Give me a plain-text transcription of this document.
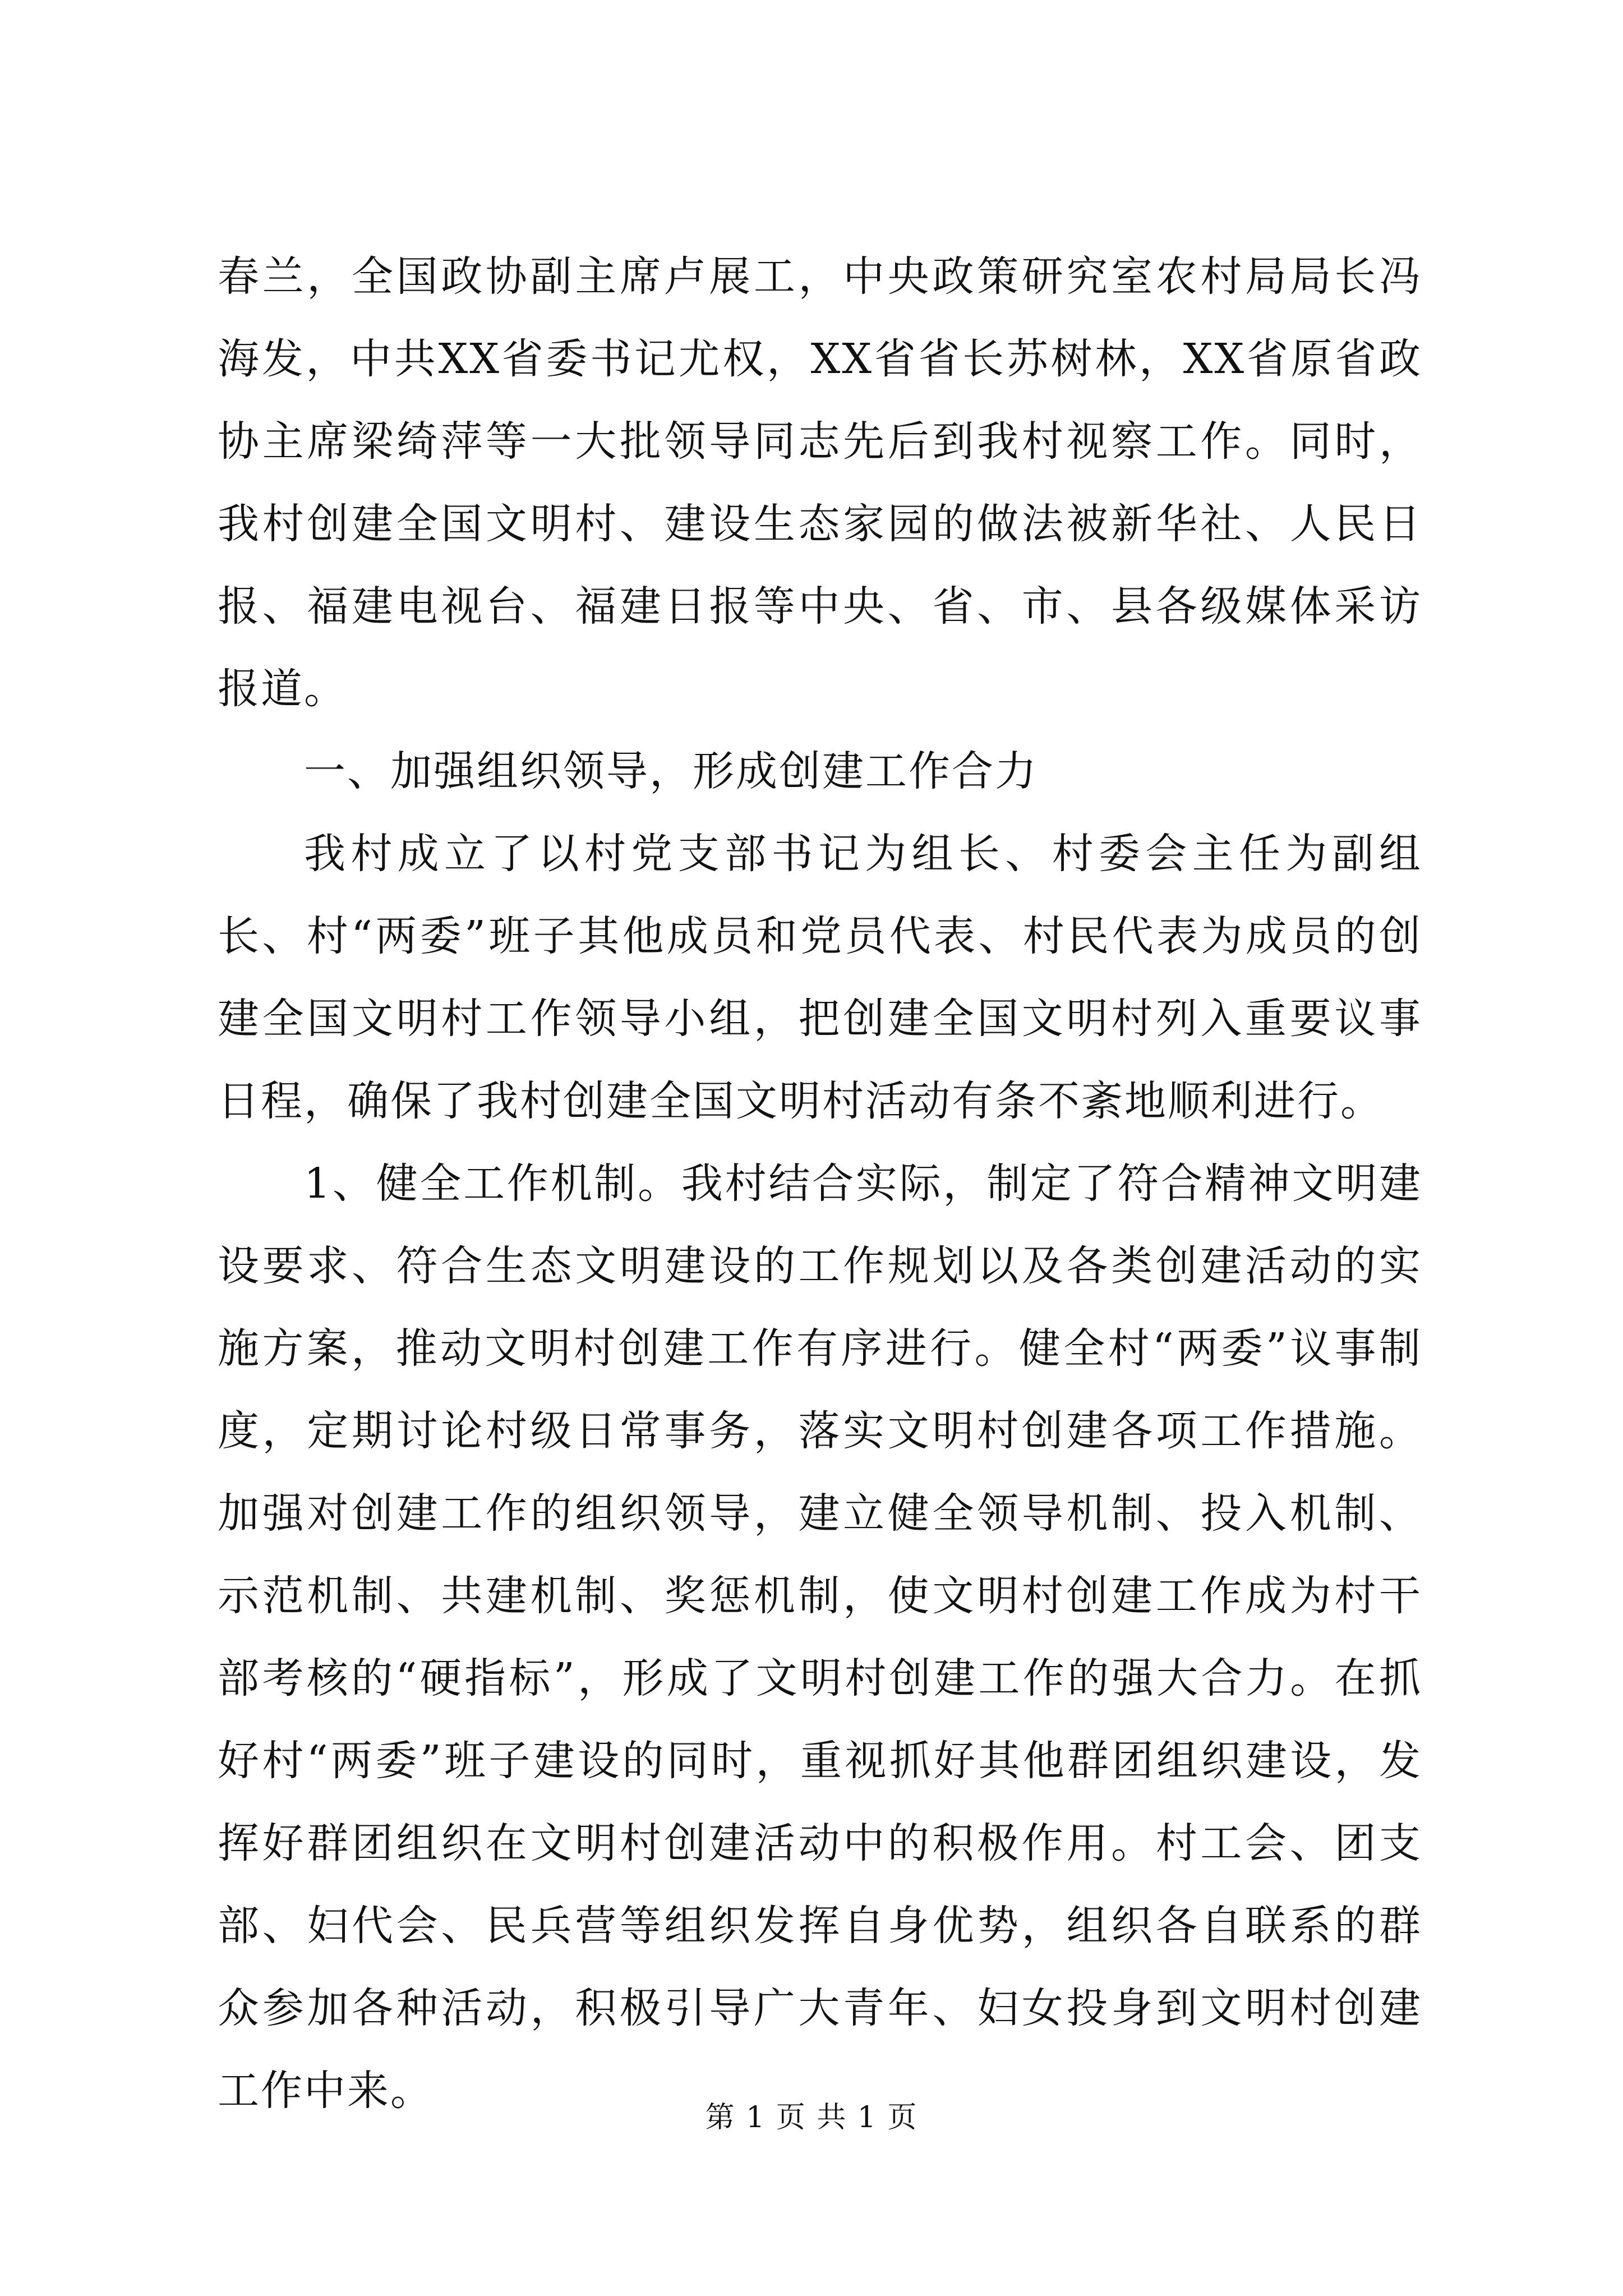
春兰，全国政协副主席卢展工，中央政策研究室农村局局长冯海发，中共XX省委书记尤权，XX省省长苏树林，XX省原省政协主席梁绮萍等一大批领导同志先后到我村视察工作。同时，我村创建全国文明村、建设生态家园的做法被新华社、人民日报、福建电视台、福建日报等中央、省、市、县各级媒体采访报道。

一、加强组织领导，形成创建工作合力

我村成立了以村党支部书记为组长、村委会主任为副组长、村“两委”班子其他成员和党员代表、村民代表为成员的创建全国文明村工作领导小组，把创建全国文明村列入重要议事日程，确保了我村创建全国文明村活动有条不紊地顺利进行。

1、健全工作机制。我村结合实际，制定了符合精神文明建设要求、符合生态文明建设的工作规划以及各类创建活动的实施方案，推动文明村创建工作有序进行。健全村“两委”议事制度，定期讨论村级日常事务，落实文明村创建各项工作措施。加强对创建工作的组织领导，建立健全领导机制、投入机制、示范机制、共建机制、奖惩机制，使文明村创建工作成为村干部考核的“硬指标”，形成了文明村创建工作的强大合力。在抓好村“两委”班子建设的同时，重视抓好其他群团组织建设，发挥好群团组织在文明村创建活动中的积极作用。村工会、团支部、妇代会、民兵营等组织发挥自身优势，组织各自联系的群众参加各种活动，积极引导广大青年、妇女投身到文明村创建工作中来。

第 1 页 共 1 页
